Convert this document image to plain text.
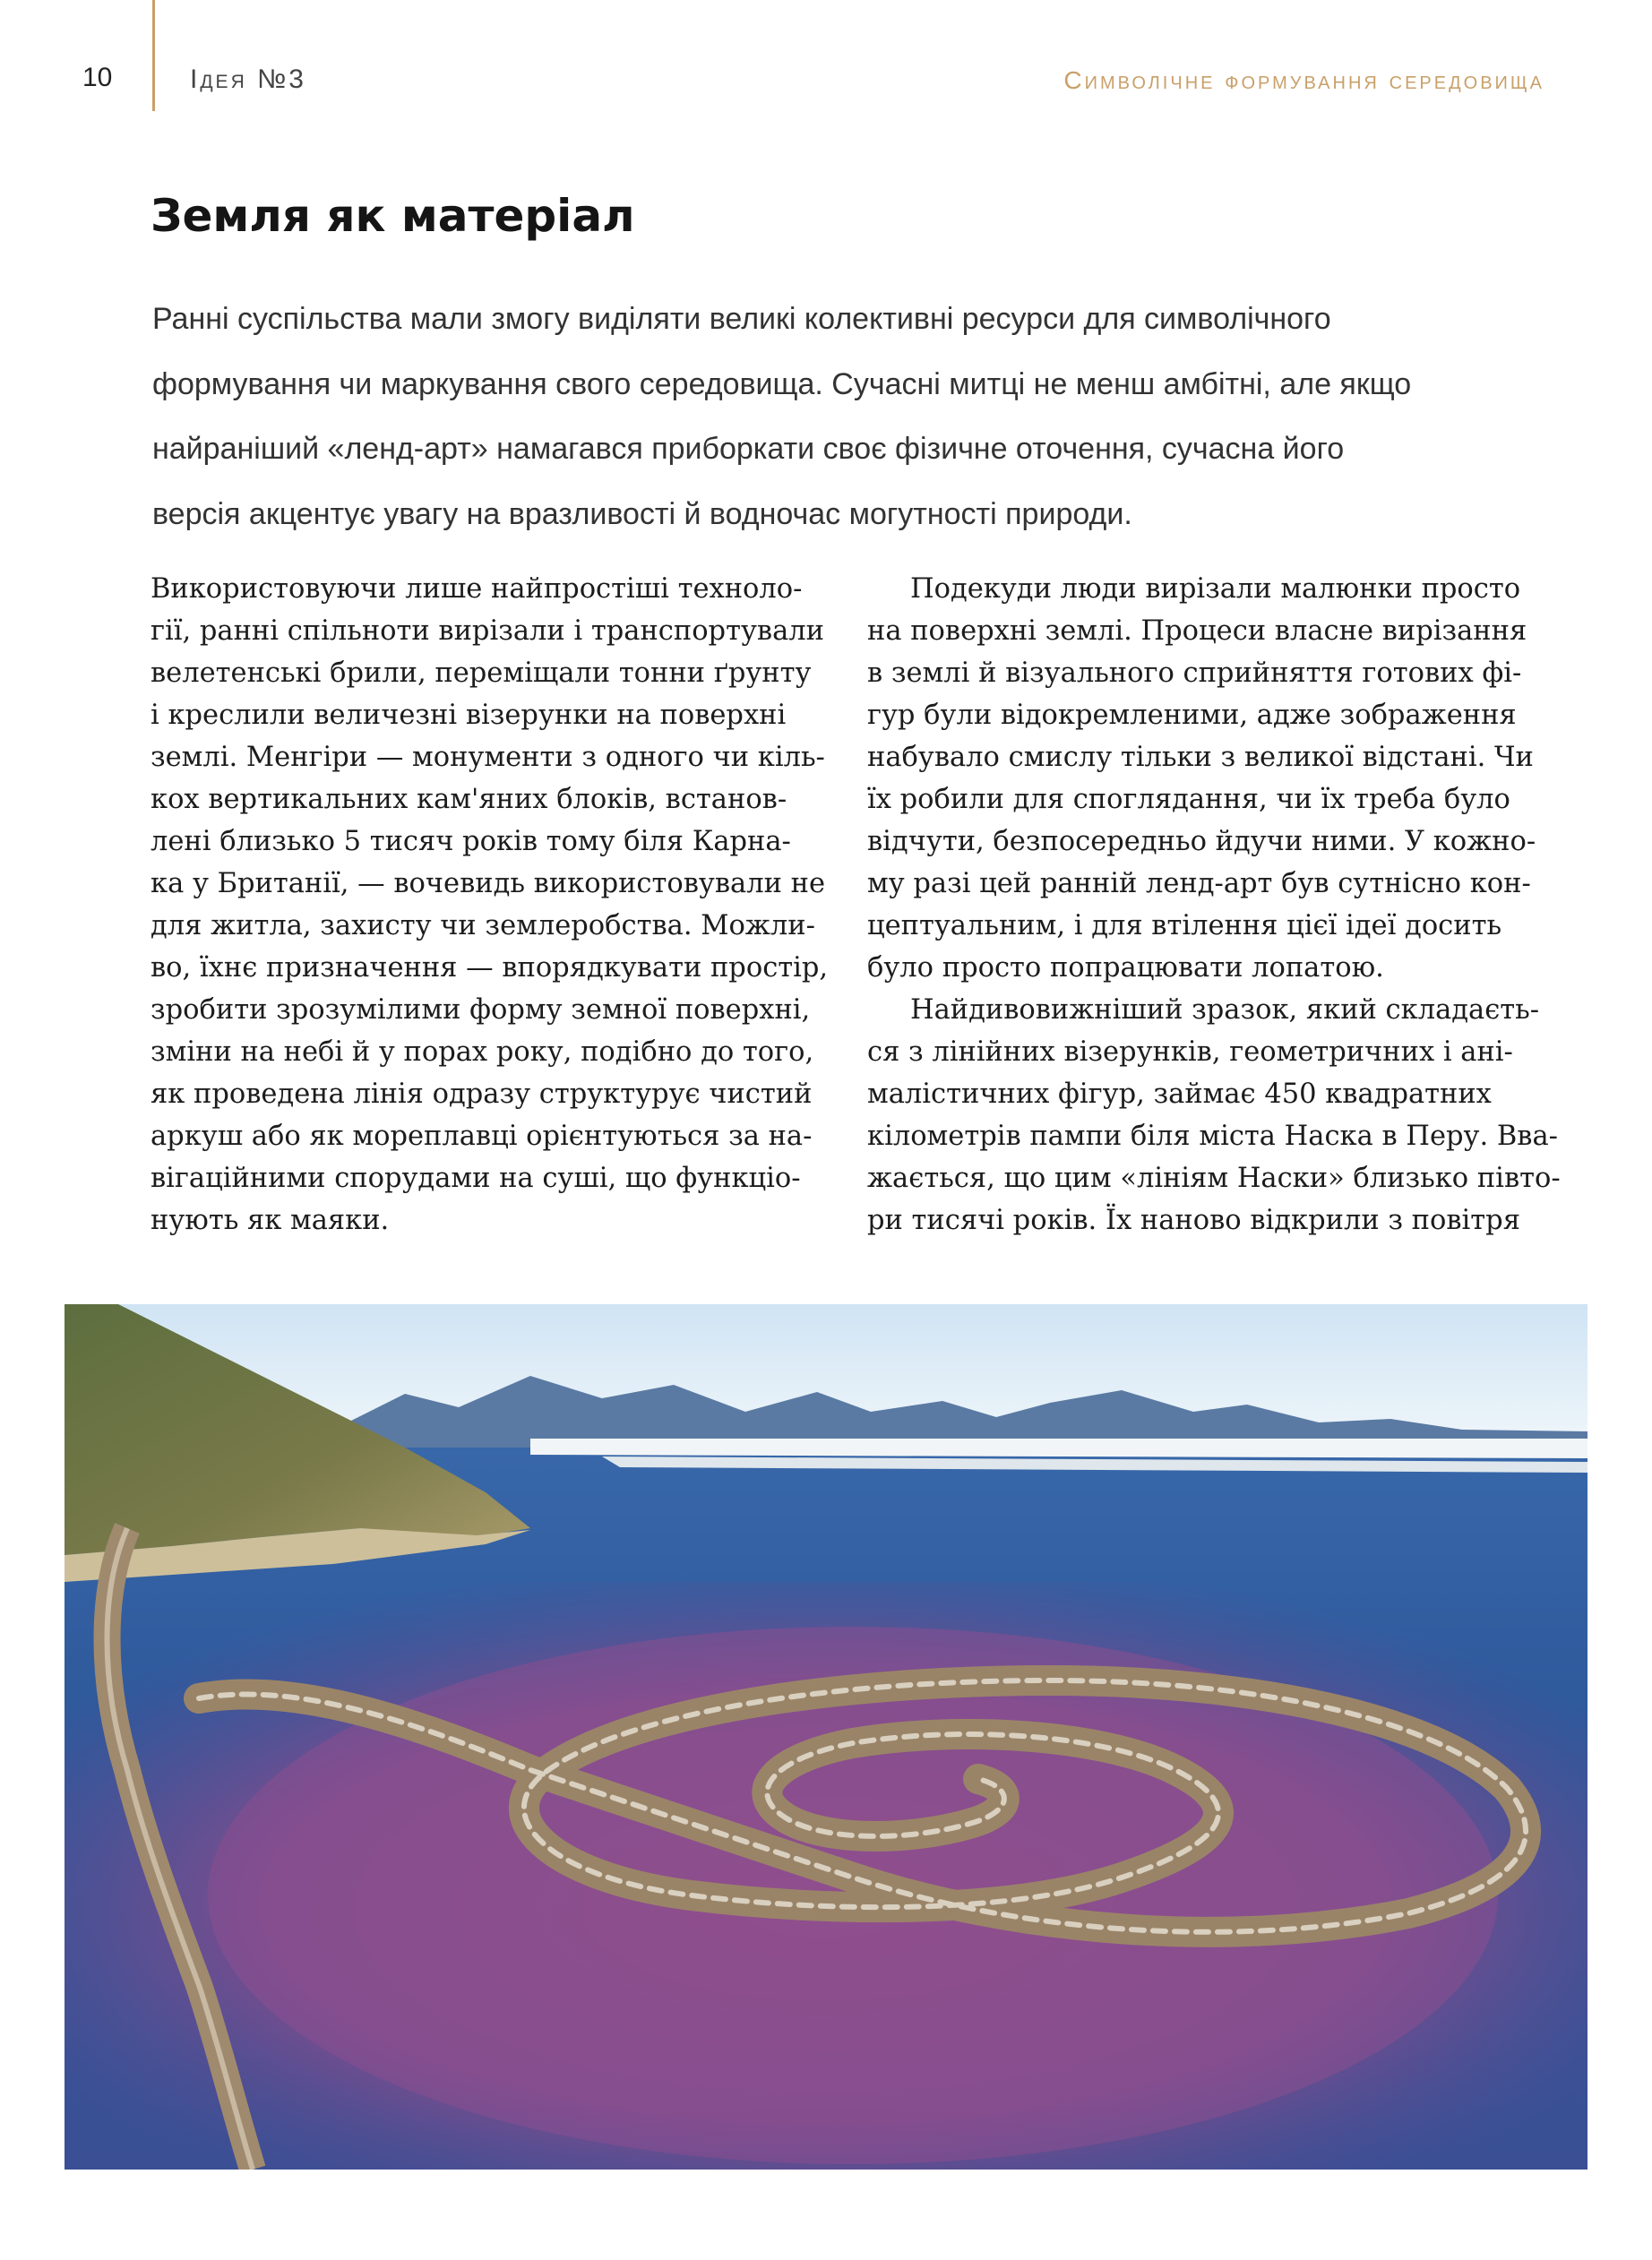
10	Ідея №3	Символічне формування середовища
Земля як матеріал

Ранні суспільства мали змогу виділяти великі колективні ресурси для символічного
формування чи маркування свого середовища. Сучасні митці не менш амбітні, але якщо
найраніший «ленд-арт» намагався приборкати своє фізичне оточення, сучасна його
версія акцентує увагу на вразливості й водночас могутності природи.

Використовуючи лише найпростіші техноло-
гії, ранні спільноти вирізали і транспортували
велетенські брили, переміщали тонни ґрунту
і креслили величезні візерунки на поверхні
землі. Менгіри — монументи з одного чи кіль-
кох вертикальних кам'яних блоків, встанов-
лені близько 5 тисяч років тому біля Карна-
ка у Британії, — вочевидь використовували не
для житла, захисту чи землеробства. Можли-
во, їхнє призначення — впорядкувати простір,
зробити зрозумілими форму земної поверхні,
зміни на небі й у порах року, подібно до того,
як проведена лінія одразу структурує чистий
аркуш або як мореплавці орієнтуються за на-
вігаційними спорудами на суші, що функціо-
нують як маяки.
Подекуди люди вирізали малюнки просто
на поверхні землі. Процеси власне вирізання
в землі й візуального сприйняття готових фі-
гур були відокремленими, адже зображення
набувало смислу тільки з великої відстані. Чи
їх робили для споглядання, чи їх треба було
відчути, безпосередньо йдучи ними. У кожно-
му разі цей ранній ленд-арт був сутнісно кон-
цептуальним, і для втілення цієї ідеї досить
було просто попрацювати лопатою.
Найдивовижніший зразок, який складаєть-
ся з лінійних візерунків, геометричних і ані-
малістичних фігур, займає 450 квадратних
кілометрів пампи біля міста Наска в Перу. Вва-
жається, що цим «лініям Наски» близько півто-
ри тисячі років. Їх наново відкрили з повітря
